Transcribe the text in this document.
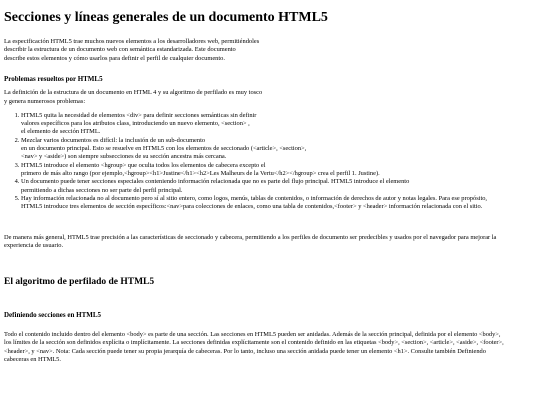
Secciones y líneas generales de un documento HTML5

La especificación HTML5 trae muchos nuevos elementos a los desarrolladores web, permitiéndoles
describir la estructura de un documento web con semántica estandarizada. Este documento
describe estos elementos y cómo usarlos para definir el perfil de cualquier documento.

Problemas resueltos por HTML5

La definición de la estructura de un documento en HTML 4 y su algoritmo de perfilado es muy tosco
y genera numerosos problemas:

1. HTML5 quita la necesidad de elementos <div> para definir secciones semánticas sin definir
valores específicos para los atributos class, introduciendo un nuevo elemento, <section> ,
el elemento de sección HTML.
2. Mezclar varios documentos es difícil: la inclusión de un sub-documento
en un documento principal. Esto se resuelve en HTML5 con los elementos de seccionado (<article>, <section>,
<nav> y <aside>) son siempre subsecciones de su sección ancestra más cercana.
3. HTML5 introduce el elemento <hgroup> que oculta todos los elementos de cabecera excepto el
primero de más alto rango (por ejemplo,<hgroup><h1>Justine</h1><h2>Les Malheurs de la Vertu</h2></hgroup> crea el perfil 1. Justine).
4. Un documento puede tener secciones especiales conteniendo información relacionada que no es parte del flujo principal. HTML5 introduce el elemento
permitiendo a dichas secciones no ser parte del perfil principal.
5. Hay información relacionada no al documento pero sí al sitio entero, como logos, menús, tablas de contenidos, o información de derechos de autor y notas legales. Para ese propósito,
HTML5 introduce tres elementos de sección específicos:<nav>para colecciones de enlaces, como una tabla de contenidos,<footer> y <header> información relacionada con el sitio.

De manera más general, HTML5 trae precisión a las características de seccionado y cabecera, permitiendo a los perfiles de documento ser predecibles y usados por el navegador para mejorar la
experiencia de usuario.

El algoritmo de perfilado de HTML5
Definiendo secciones en HTML5

Todo el contenido incluido dentro del elemento <body> es parte de una sección. Las secciones en HTML5 pueden ser anidadas. Además de la sección principal, definida por el elemento <body>,
los límites de la sección son definidos explícita o implícitamente. La secciones definidas explícitamente son el contenido definido en las etiquetas <body>, <section>, <article>, <aside>, <footer>,
<header>, y <nav>. Nota: Cada sección puede tener su propia jerarquía de cabeceras. Por lo tanto, incluso una sección anidada puede tener un elemento <h1>. Consulte también Definiendo
cabeceras en HTML5.
